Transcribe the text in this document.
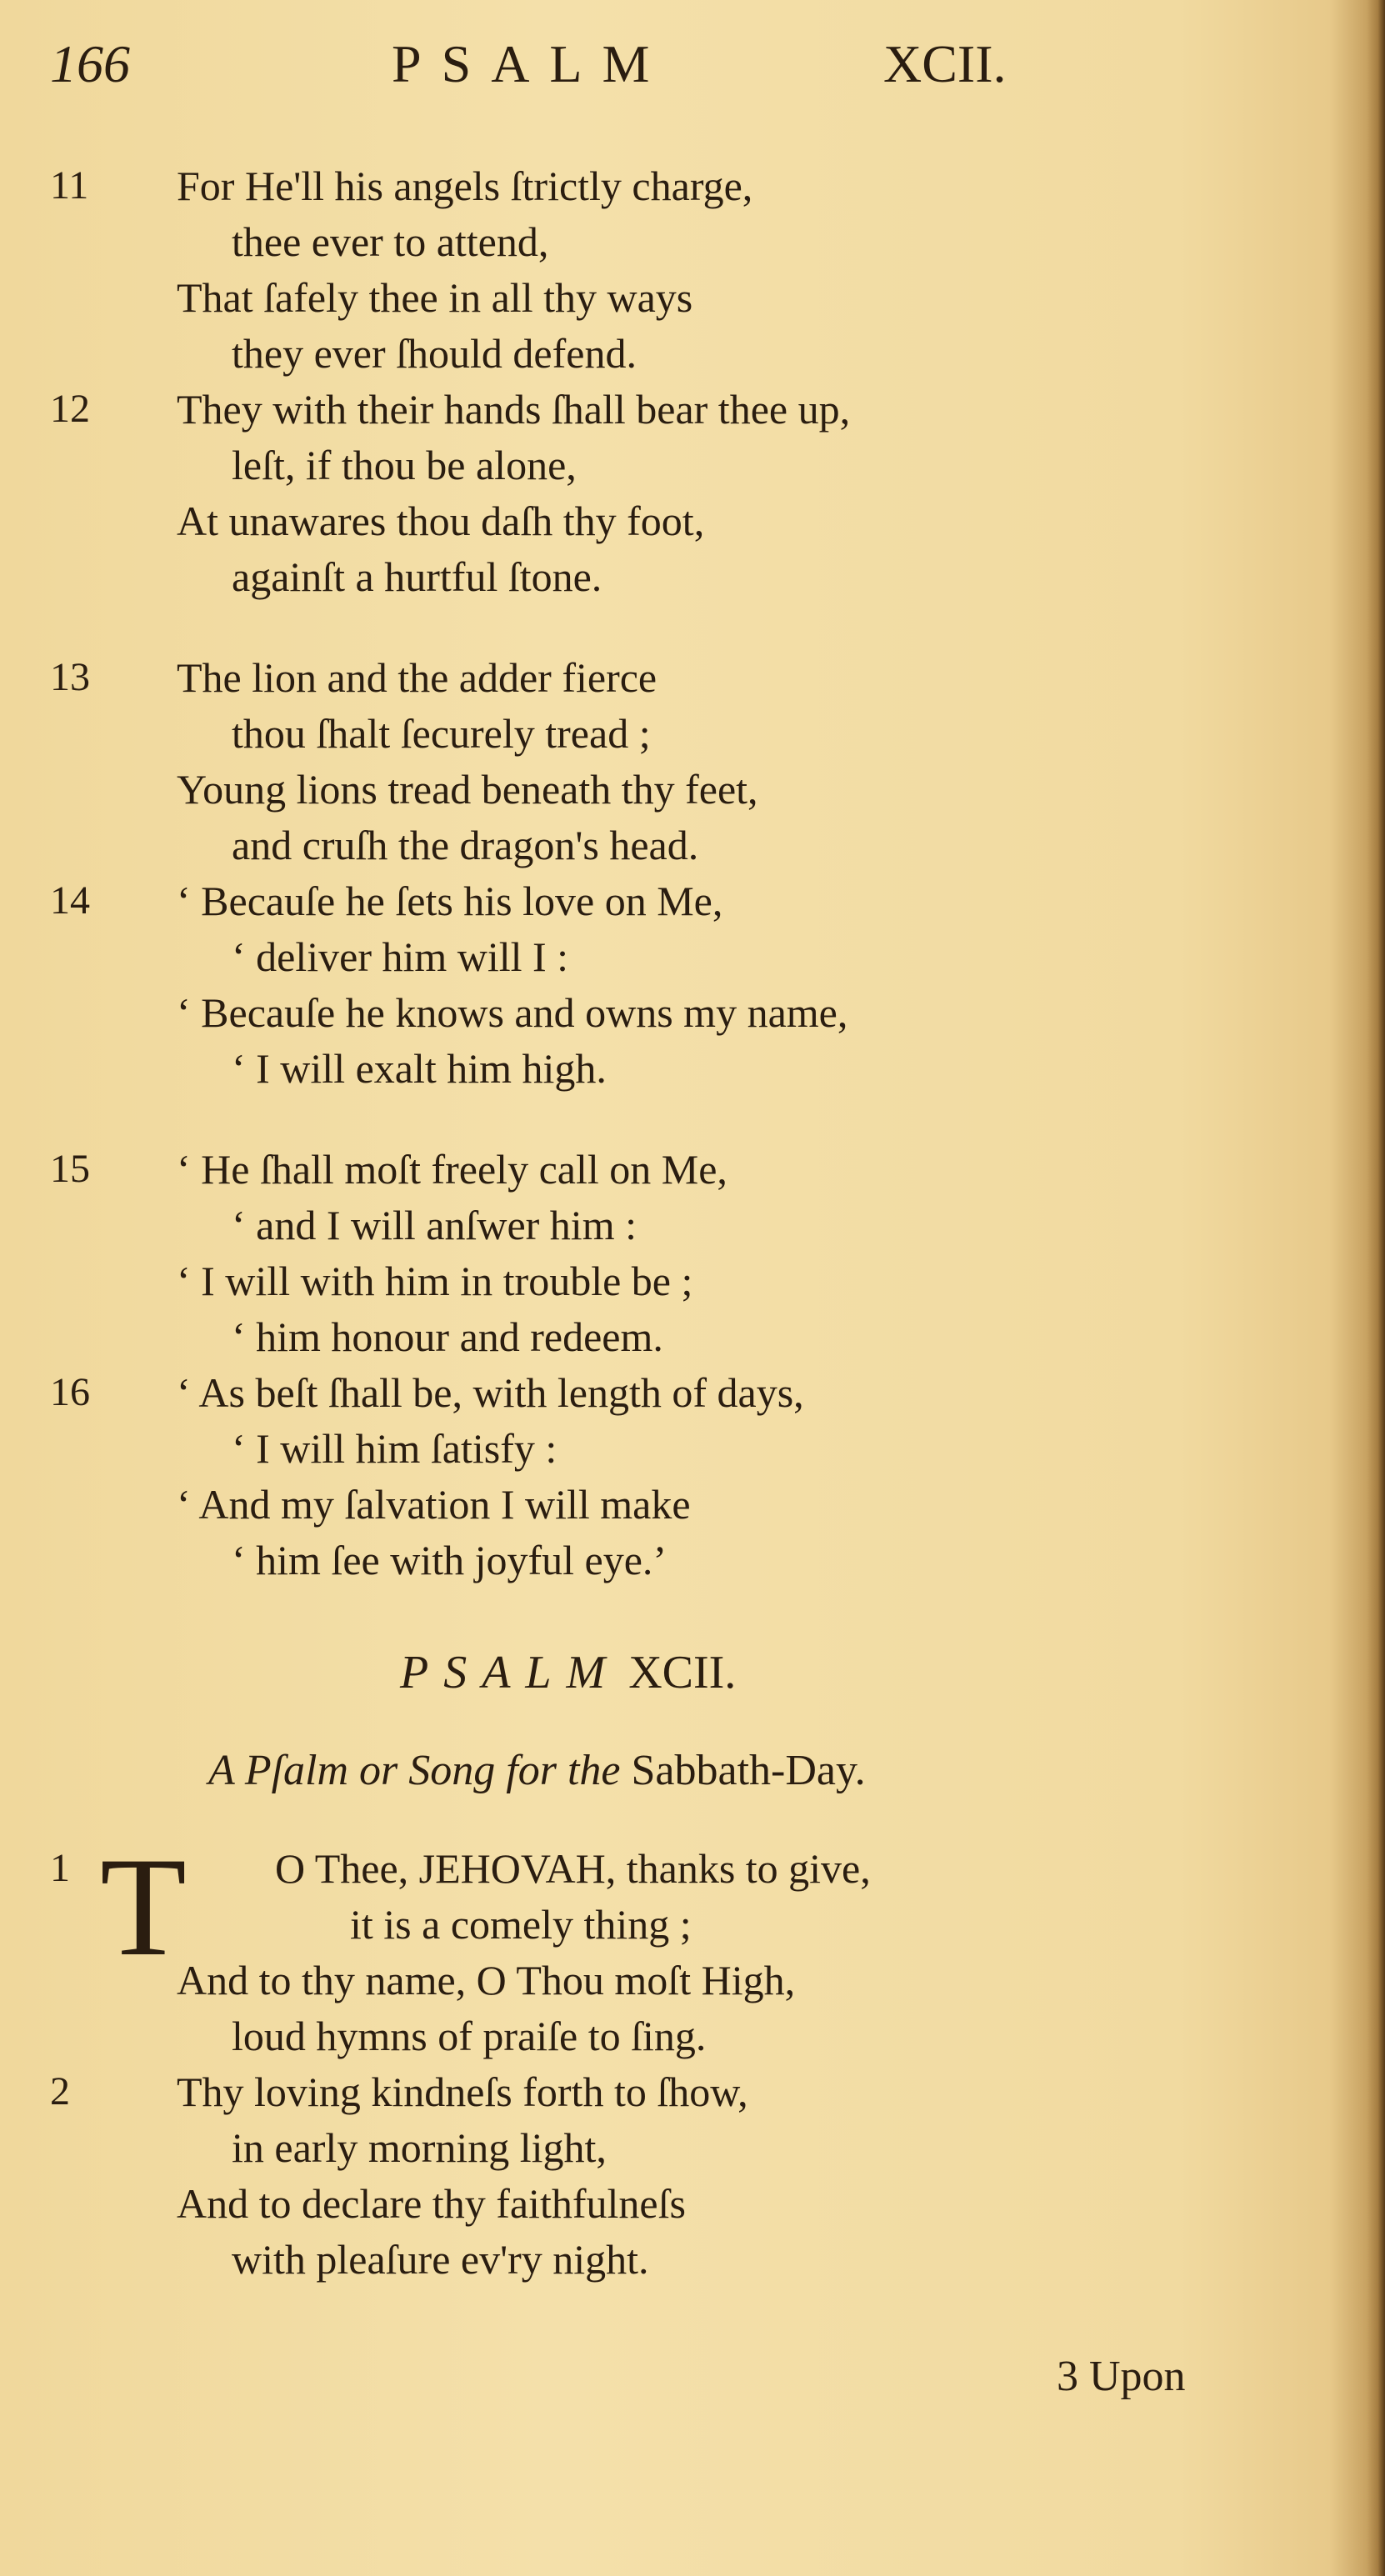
166	PSALM	XCII.
11 For He'll his angels ſtrictly charge,
thee ever to attend,
That ſafely thee in all thy ways
they ever ſhould defend.
12 They with their hands ſhall bear thee up,
leſt, if thou be alone,
At unawares thou daſh thy foot,
againſt a hurtful ſtone.
13 The lion and the adder fierce
thou ſhalt ſecurely tread ;
Young lions tread beneath thy feet,
and cruſh the dragon's head.
14 ‘ Becauſe he ſets his love on Me,
‘ deliver him will I :
‘ Becauſe he knows and owns my name,
‘ I will exalt him high.
15 ‘ He ſhall moſt freely call on Me,
‘ and I will anſwer him :
‘ I will with him in trouble be ;
‘ him honour and redeem.
16 ‘ As beſt ſhall be, with length of days,
‘ I will him ſatisfy :
‘ And my ſalvation I will make
‘ him ſee with joyful eye.’
PSALM XCII.
A Pſalm or Song for the Sabbath-Day.
1 T O Thee, JEHOVAH, thanks to give,
it is a comely thing ;
And to thy name, O Thou moſt High,
loud hymns of praiſe to ſing.
2	Thy loving kindneſs forth to ſhow,
in early morning light,
And to declare thy faithfulneſs
with pleaſure ev'ry night.
3 Upon
